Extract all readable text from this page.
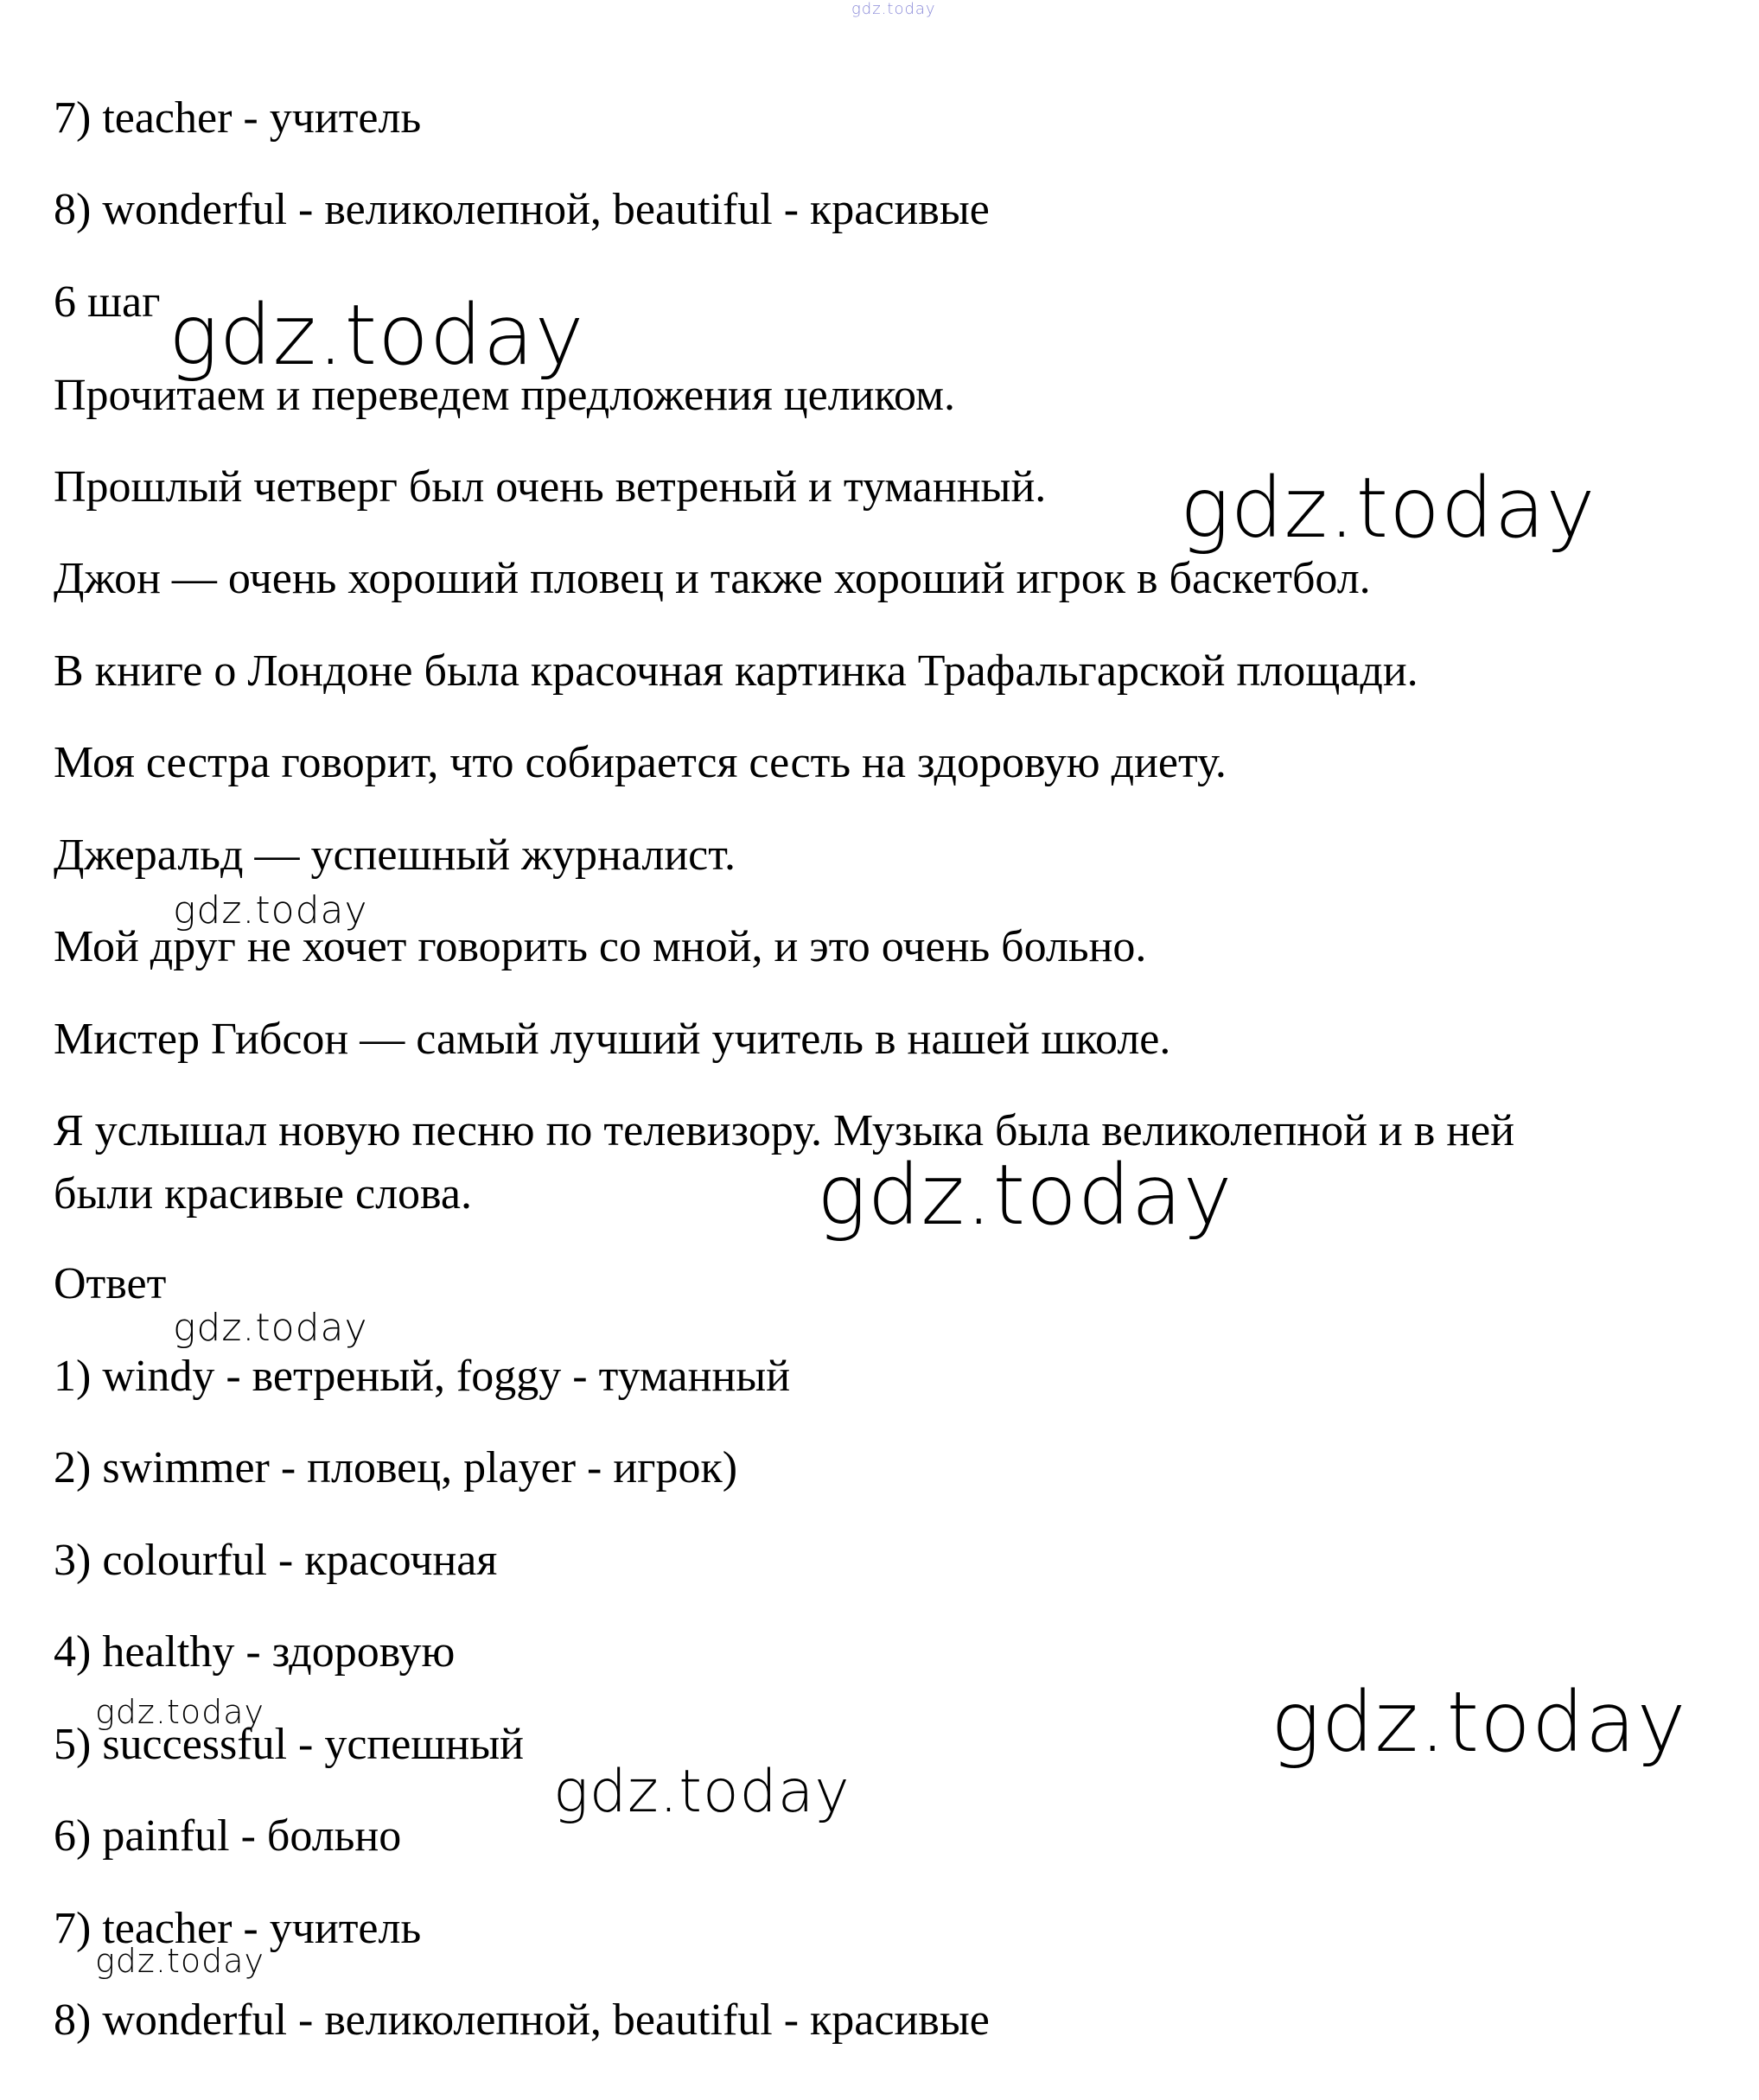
gdz.today

7) teacher - учитель

8) wonderful - великолепной, beautiful - красивые

6 шаг

Прочитаем и переведем предложения целиком.

Прошлый четверг был очень ветреный и туманный.

Джон — очень хороший пловец и также хороший игрок в баскетбол.

В книге о Лондоне была красочная картинка Трафальгарской площади.

Моя сестра говорит, что собирается сесть на здоровую диету.

Джеральд — успешный журналист.

Мой друг не хочет говорить со мной, и это очень больно.

Мистер Гибсон — самый лучший учитель в нашей школе.

Я услышал новую песню по телевизору. Музыка была великолепной и в ней

были красивые слова.

Ответ

1) windy - ветреный, foggy - туманный

2) swimmer - пловец, player - игрок)

3) colourful - красочная

4) healthy - здоровую

5) successful - успешный

6) painful - больно

7) teacher - учитель

8) wonderful - великолепной, beautiful - красивые

gdz.today
gdz.today
gdz.today
gdz.today
gdz.today
gdz.today
gdz.today
gdz.today
gdz.today
